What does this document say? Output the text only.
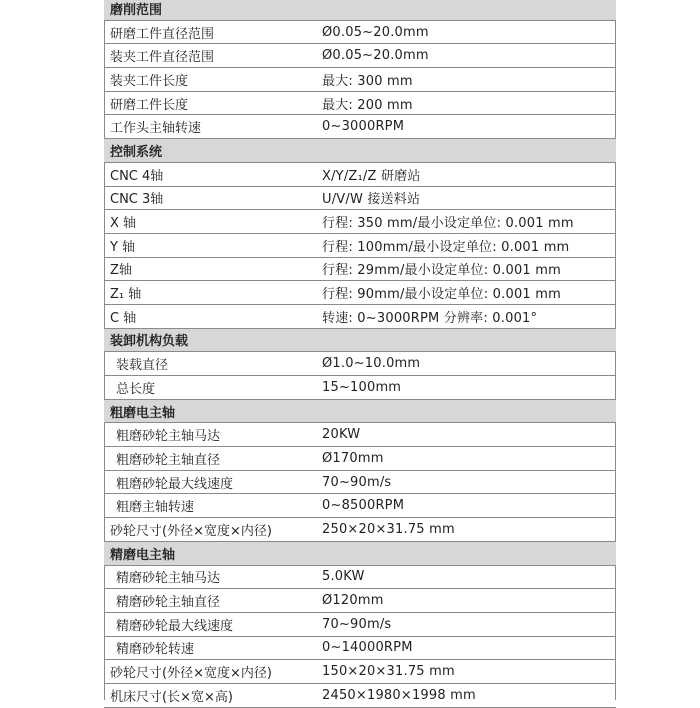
磨削范围
研磨工件直径范围	Ø0.05~20.0mm
装夹工件直径范围	Ø0.05~20.0mm
装夹工件长度	最大: 300 mm
研磨工件长度	最大: 200 mm
工作头主轴转速	0~3000RPM
控制系统
CNC 4轴	X/Y/Z₁/Z 研磨站
CNC 3轴	U/V/W 接送料站
X 轴	行程: 350 mm/最小设定单位: 0.001 mm
Y 轴	行程: 100mm/最小设定单位: 0.001 mm
Z轴	行程: 29mm/最小设定单位: 0.001 mm
Z₁ 轴	行程: 90mm/最小设定单位: 0.001 mm
C 轴	转速: 0~3000RPM 分辨率: 0.001°
装卸机构负载
装载直径	Ø1.0~10.0mm
总长度	15~100mm
粗磨电主轴
粗磨砂轮主轴马达	20KW
粗磨砂轮主轴直径	Ø170mm
粗磨砂轮最大线速度	70~90m/s
粗磨主轴转速	0~8500RPM
砂轮尺寸(外径×宽度×内径)	250×20×31.75 mm
精磨电主轴
精磨砂轮主轴马达	5.0KW
精磨砂轮主轴直径	Ø120mm
精磨砂轮最大线速度	70~90m/s
精磨砂轮转速	0~14000RPM
砂轮尺寸(外径×宽度×内径)	150×20×31.75 mm
机床尺寸(长×宽×高)	2450×1980×1998 mm
